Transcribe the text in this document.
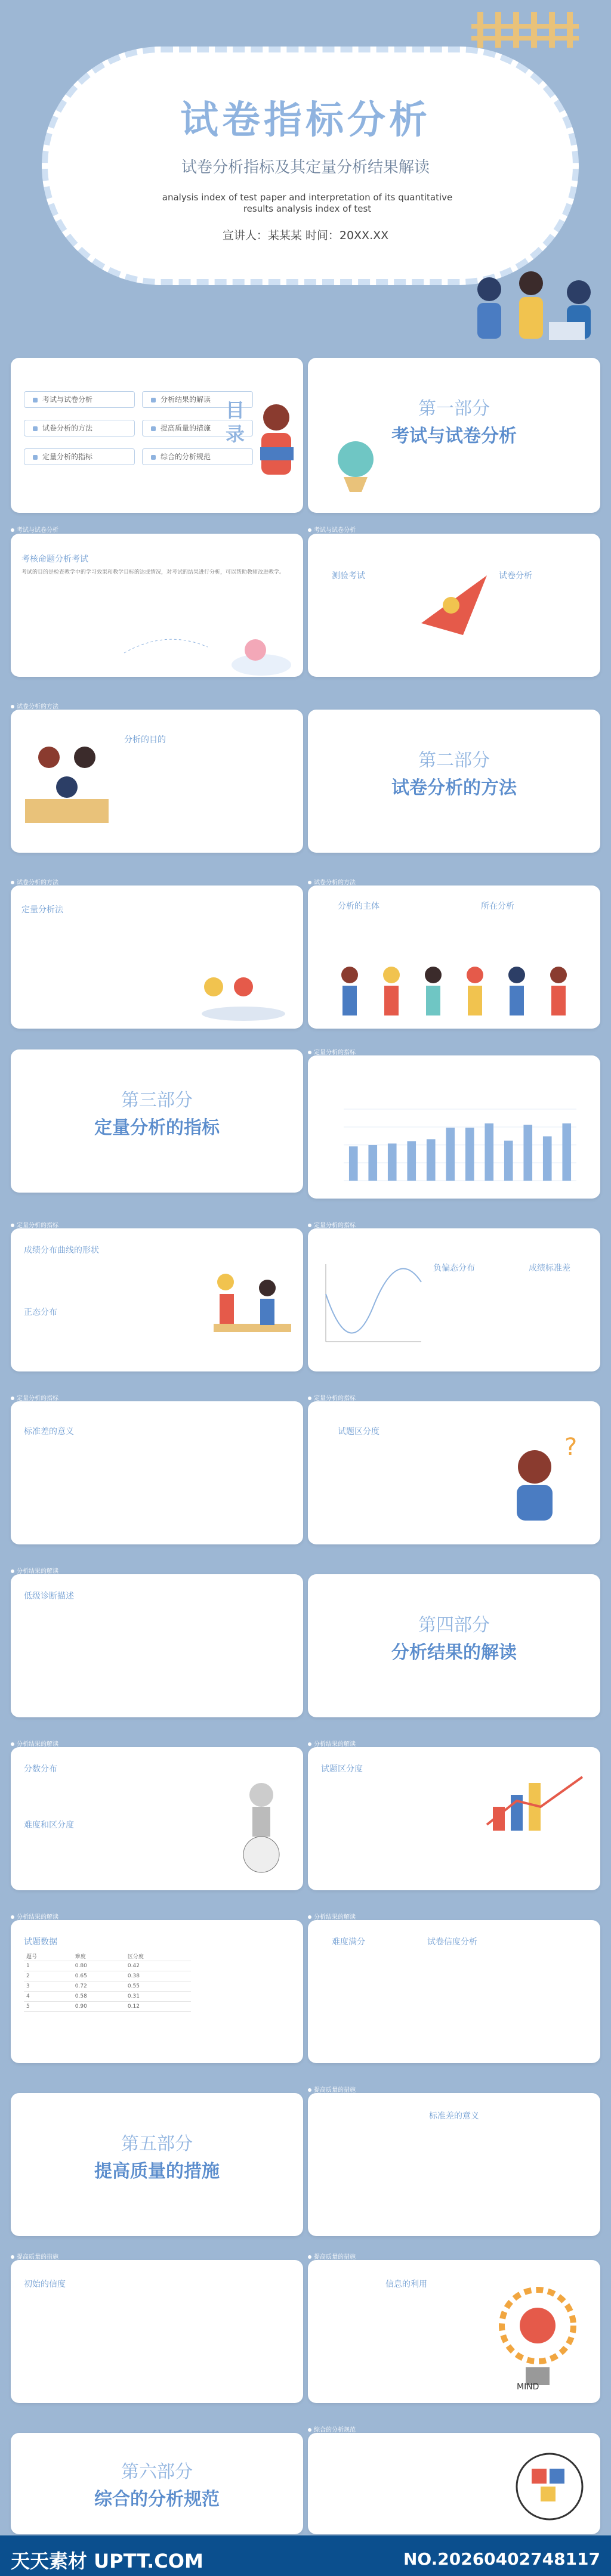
试卷指标分析
试卷分析指标及其定量分析结果解读
analysis index of test paper and interpretation of its quantitative results analysis index of test
宣讲人：某某某 时间：20XX.XX
考试与试卷分析	分析结果的解读
试卷分析的方法	提高质量的措施
定量分析的指标	综合的分析规范
目录
第一部分
考试与试卷分析
考核命题分析考试
考试的目的是检查教学中的学习效果和教学目标的达成情况，对考试的结果进行分析，可以帮助教师改进教学。
考试与试卷分析
测验考试	试卷分析
考试与试卷分析
分析的目的
试卷分析的方法
第二部分
试卷分析的方法
定量分析法
试卷分析的方法
分析的主体	所在分析
试卷分析的方法
第三部分
定量分析的指标
定量分析的指标
成绩分布曲线的形状
正态分布
定量分析的指标
负偏态分布	成绩标准差
定量分析的指标
标准差的意义
定量分析的指标
试题区分度
?
定量分析的指标
低级诊断描述
分析结果的解读
第四部分
分析结果的解读
分数分布
难度和区分度
分析结果的解读
试题区分度
分析结果的解读
试题数据
题号	难度	区分度
1	0.80	0.42
2	0.65	0.38
3	0.72	0.55
4	0.58	0.31
5	0.90	0.12
分析结果的解读
难度满分	试卷信度分析
分析结果的解读
第五部分
提高质量的措施
标准差的意义
提高质量的措施
初始的信度
提高质量的措施
信息的利用
MIND
提高质量的措施
第六部分
综合的分析规范
综合的分析规范
天天素材 UPTT.COM	NO.20260402748117
